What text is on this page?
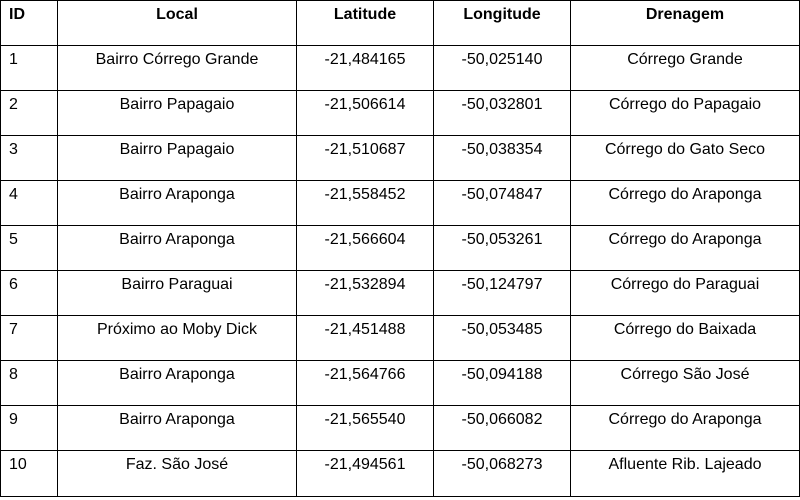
ID	Local	Latitude	Longitude	Drenagem
1	Bairro Córrego Grande	-21,484165	-50,025140	Córrego Grande
2	Bairro Papagaio	-21,506614	-50,032801	Córrego do Papagaio
3	Bairro Papagaio	-21,510687	-50,038354	Córrego do Gato Seco
4	Bairro Araponga	-21,558452	-50,074847	Córrego do Araponga
5	Bairro Araponga	-21,566604	-50,053261	Córrego do Araponga
6	Bairro Paraguai	-21,532894	-50,124797	Córrego do Paraguai
7	Próximo ao Moby Dick	-21,451488	-50,053485	Córrego do Baixada
8	Bairro Araponga	-21,564766	-50,094188	Córrego São José
9	Bairro Araponga	-21,565540	-50,066082	Córrego do Araponga
10	Faz. São José	-21,494561	-50,068273	Afluente Rib. Lajeado
